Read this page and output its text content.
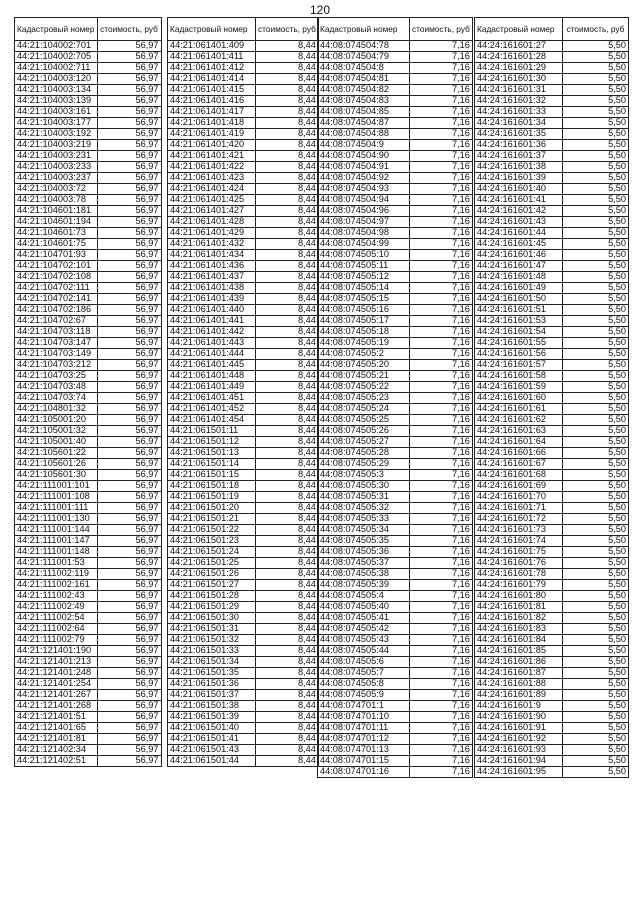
120
Кадастровый номер	стоимость, руб
44:21:104002:701	56,97
44:21:104002:705	56,97
44:21:104002:711	56,97
44:21:104003:120	56,97
44:21:104003:134	56,97
44:21:104003:139	56,97
44:21:104003:161	56,97
44:21:104003:177	56,97
44:21:104003:192	56,97
44:21:104003:219	56,97
44:21:104003:231	56,97
44:21:104003:233	56,97
44:21:104003:237	56,97
44:21:104003:72	56,97
44:21:104003:78	56,97
44:21:104601:181	56,97
44:21:104601:194	56,97
44:21:104601:73	56,97
44:21:104601:75	56,97
44:21:104701:93	56,97
44:21:104702:101	56,97
44:21:104702:108	56,97
44:21:104702:111	56,97
44:21:104702:141	56,97
44:21:104702:186	56,97
44:21:104702:67	56,97
44:21:104703:118	56,97
44:21:104703:147	56,97
44:21:104703:149	56,97
44:21:104703:212	56,97
44:21:104703:25	56,97
44:21:104703:48	56,97
44:21:104703:74	56,97
44:21:104801:32	56,97
44:21:105001:20	56,97
44:21:105001:32	56,97
44:21:105001:40	56,97
44:21:105601:22	56,97
44:21:105601:26	56,97
44:21:105601:30	56,97
44:21:111001:101	56,97
44:21:111001:108	56,97
44:21:111001:111	56,97
44:21:111001:130	56,97
44:21:111001:144	56,97
44:21:111001:147	56,97
44:21:111001:148	56,97
44:21:111001:53	56,97
44:21:111002:119	56,97
44:21:111002:161	56,97
44:21:111002:43	56,97
44:21:111002:49	56,97
44:21:111002:54	56,97
44:21:111002:64	56,97
44:21:111002:79	56,97
44:21:121401:190	56,97
44:21:121401:213	56,97
44:21:121401:248	56,97
44:21:121401:254	56,97
44:21:121401:267	56,97
44:21:121401:268	56,97
44:21:121401:51	56,97
44:21:121401:65	56,97
44:21:121401:81	56,97
44:21:121402:34	56,97
44:21:121402:51	56,97
Кадастровый номер	стоимость, руб
44:21:061401:409	8,44
44:21:061401:411	8,44
44:21:061401:412	8,44
44:21:061401:414	8,44
44:21:061401:415	8,44
44:21:061401:416	8,44
44:21:061401:417	8,44
44:21:061401:418	8,44
44:21:061401:419	8,44
44:21:061401:420	8,44
44:21:061401:421	8,44
44:21:061401:422	8,44
44:21:061401:423	8,44
44:21:061401:424	8,44
44:21:061401:425	8,44
44:21:061401:427	8,44
44:21:061401:428	8,44
44:21:061401:429	8,44
44:21:061401:432	8,44
44:21:061401:434	8,44
44:21:061401:436	8,44
44:21:061401:437	8,44
44:21:061401:438	8,44
44:21:061401:439	8,44
44:21:061401:440	8,44
44:21:061401:441	8,44
44:21:061401:442	8,44
44:21:061401:443	8,44
44:21:061401:444	8,44
44:21:061401:445	8,44
44:21:061401:448	8,44
44:21:061401:449	8,44
44:21:061401:451	8,44
44:21:061401:452	8,44
44:21:061401:454	8,44
44:21:061501:11	8,44
44:21:061501:12	8,44
44:21:061501:13	8,44
44:21:061501:14	8,44
44:21:061501:15	8,44
44:21:061501:18	8,44
44:21:061501:19	8,44
44:21:061501:20	8,44
44:21:061501:21	8,44
44:21:061501:22	8,44
44:21:061501:23	8,44
44:21:061501:24	8,44
44:21:061501:25	8,44
44:21:061501:26	8,44
44:21:061501:27	8,44
44:21:061501:28	8,44
44:21:061501:29	8,44
44:21:061501:30	8,44
44:21:061501:31	8,44
44:21:061501:32	8,44
44:21:061501:33	8,44
44:21:061501:34	8,44
44:21:061501:35	8,44
44:21:061501:36	8,44
44:21:061501:37	8,44
44:21:061501:38	8,44
44:21:061501:39	8,44
44:21:061501:40	8,44
44:21:061501:41	8,44
44:21:061501:43	8,44
44:21:061501:44	8,44
Кадастровый номер	стоимость, руб
44:08:074504:78	7,16
44:08:074504:79	7,16
44:08:074504:8	7,16
44:08:074504:81	7,16
44:08:074504:82	7,16
44:08:074504:83	7,16
44:08:074504:85	7,16
44:08:074504:87	7,16
44:08:074504:88	7,16
44:08:074504:9	7,16
44:08:074504:90	7,16
44:08:074504:91	7,16
44:08:074504:92	7,16
44:08:074504:93	7,16
44:08:074504:94	7,16
44:08:074504:96	7,16
44:08:074504:97	7,16
44:08:074504:98	7,16
44:08:074504:99	7,16
44:08:074505:10	7,16
44:08:074505:11	7,16
44:08:074505:12	7,16
44:08:074505:14	7,16
44:08:074505:15	7,16
44:08:074505:16	7,16
44:08:074505:17	7,16
44:08:074505:18	7,16
44:08:074505:19	7,16
44:08:074505:2	7,16
44:08:074505:20	7,16
44:08:074505:21	7,16
44:08:074505:22	7,16
44:08:074505:23	7,16
44:08:074505:24	7,16
44:08:074505:25	7,16
44:08:074505:26	7,16
44:08:074505:27	7,16
44:08:074505:28	7,16
44:08:074505:29	7,16
44:08:074505:3	7,16
44:08:074505:30	7,16
44:08:074505:31	7,16
44:08:074505:32	7,16
44:08:074505:33	7,16
44:08:074505:34	7,16
44:08:074505:35	7,16
44:08:074505:36	7,16
44:08:074505:37	7,16
44:08:074505:38	7,16
44:08:074505:39	7,16
44:08:074505:4	7,16
44:08:074505:40	7,16
44:08:074505:41	7,16
44:08:074505:42	7,16
44:08:074505:43	7,16
44:08:074505:44	7,16
44:08:074505:6	7,16
44:08:074505:7	7,16
44:08:074505:8	7,16
44:08:074505:9	7,16
44:08:074701:1	7,16
44:08:074701:10	7,16
44:08:074701:11	7,16
44:08:074701:12	7,16
44:08:074701:13	7,16
44:08:074701:15	7,16
44:08:074701:16	7,16
Кадастровый номер	стоимость, руб
44:24:161601:27	5,50
44:24:161601:28	5,50
44:24:161601:29	5,50
44:24:161601:30	5,50
44:24:161601:31	5,50
44:24:161601:32	5,50
44:24:161601:33	5,50
44:24:161601:34	5,50
44:24:161601:35	5,50
44:24:161601:36	5,50
44:24:161601:37	5,50
44:24:161601:38	5,50
44:24:161601:39	5,50
44:24:161601:40	5,50
44:24:161601:41	5,50
44:24:161601:42	5,50
44:24:161601:43	5,50
44:24:161601:44	5,50
44:24:161601:45	5,50
44:24:161601:46	5,50
44:24:161601:47	5,50
44:24:161601:48	5,50
44:24:161601:49	5,50
44:24:161601:50	5,50
44:24:161601:51	5,50
44:24:161601:53	5,50
44:24:161601:54	5,50
44:24:161601:55	5,50
44:24:161601:56	5,50
44:24:161601:57	5,50
44:24:161601:58	5,50
44:24:161601:59	5,50
44:24:161601:60	5,50
44:24:161601:61	5,50
44:24:161601:62	5,50
44:24:161601:63	5,50
44:24:161601:64	5,50
44:24:161601:66	5,50
44:24:161601:67	5,50
44:24:161601:68	5,50
44:24:161601:69	5,50
44:24:161601:70	5,50
44:24:161601:71	5,50
44:24:161601:72	5,50
44:24:161601:73	5,50
44:24:161601:74	5,50
44:24:161601:75	5,50
44:24:161601:76	5,50
44:24:161601:78	5,50
44:24:161601:79	5,50
44:24:161601:80	5,50
44:24:161601:81	5,50
44:24:161601:82	5,50
44:24:161601:83	5,50
44:24:161601:84	5,50
44:24:161601:85	5,50
44:24:161601:86	5,50
44:24:161601:87	5,50
44:24:161601:88	5,50
44:24:161601:89	5,50
44:24:161601:9	5,50
44:24:161601:90	5,50
44:24:161601:91	5,50
44:24:161601:92	5,50
44:24:161601:93	5,50
44:24:161601:94	5,50
44:24:161601:95	5,50
